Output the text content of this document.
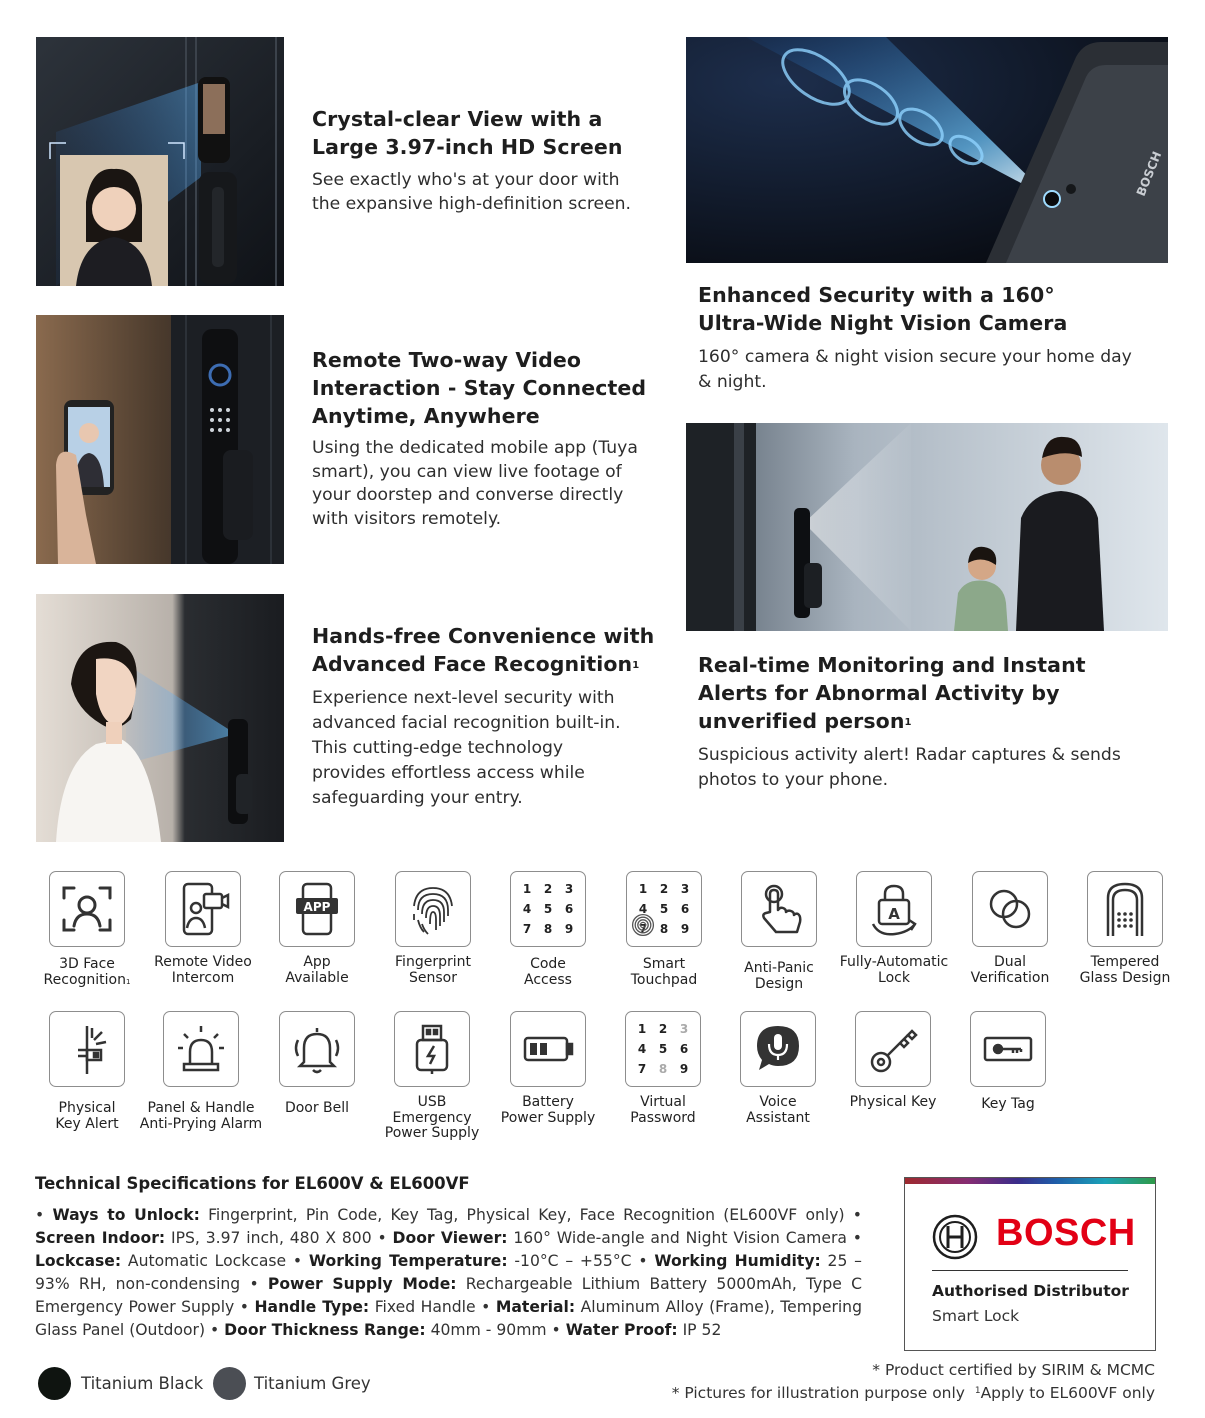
BOSCH
Crystal-clear View with a
Large 3.97-inch HD Screen
See exactly who's at your door with
the expansive high-definition screen.
Remote Two-way Video
Interaction - Stay Connected
Anytime, Anywhere
Using the dedicated mobile app (Tuya
smart), you can view live footage of
your doorstep and converse directly
with visitors remotely.
Hands-free Convenience with
Advanced Face Recognition$^1$
Experience next-level security with
advanced facial recognition built-in.
This cutting-edge technology
provides effortless access while
safeguarding your entry.
Enhanced Security with a 160°
Ultra-Wide Night Vision Camera
160° camera & night vision secure your home day
& night.
Real-time Monitoring and Instant
Alerts for Abnormal Activity by
unverified person$^1$
Suspicious activity alert! Radar captures & sends
photos to your phone.
3D Face
Recognition$^1$
Remote Video
Intercom
APP
App
Available
Fingerprint
Sensor
1	2	3
4	5	6
7	8	9
Code
Access
1	2	3
4	5	6
7	8	9
Smart
Touchpad
Anti-Panic
Design
A
Fully-Automatic
Lock
Dual
Verification
Tempered
Glass Design
Physical
Key Alert
Panel & Handle
Anti-Prying Alarm
Door Bell	USB
Emergency
Power Supply
Battery
Power Supply
1	2	3
4	5	6
7	8	9
Virtual
Password
Voice
Assistant
Physical Key	Key Tag
Technical Specifications for EL600V & EL600VF
• Ways to Unlock: Fingerprint, Pin Code, Key Tag, Physical Key, Face Recognition (EL600VF only) • Screen Indoor: IPS, 3.97 inch, 480 X 800 • Door Viewer: 160° Wide-angle and Night Vision Camera • Lockcase: Automatic Lockcase • Working Temperature: -10°C – +55°C • Working Humidity: 25 – 93% RH, non-condensing • Power Supply Mode: Rechargeable Lithium Battery 5000mAh, Type C Emergency Power Supply • Handle Type: Fixed Handle • Material: Aluminum Alloy (Frame), Tempering Glass Panel (Outdoor) • Door Thickness Range: 40mm - 90mm • Water Proof: IP 52
BOSCH
Authorised Distributor
Smart Lock
Titanium Black	Titanium Grey
* Product certified by SIRIM & MCMC
* Pictures for illustration purpose only $^1$Apply to EL600VF only
